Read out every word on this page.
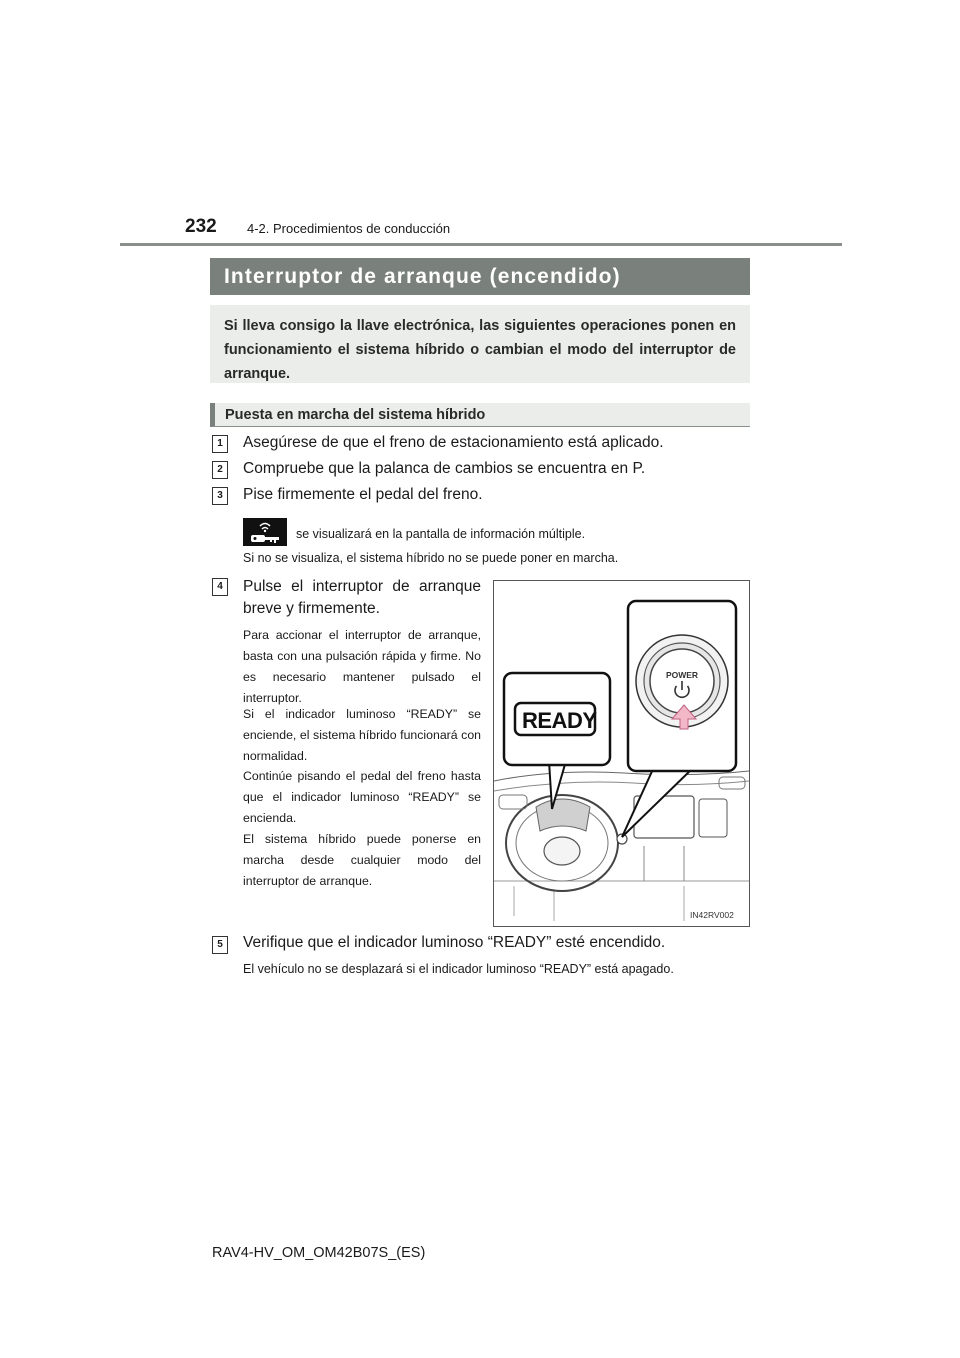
232 4-2. Procedimientos de conducción
Interruptor de arranque (encendido)
Si lleva consigo la llave electrónica, las siguientes operaciones ponen en funcionamiento el sistema híbrido o cambian el modo del interruptor de arranque.
Puesta en marcha del sistema híbrido
1	Asegúrese de que el freno de estacionamiento está aplicado.
2	Compruebe que la palanca de cambios se encuentra en P.
3	Pise firmemente el pedal del freno.
se visualizará en la pantalla de información múltiple.
Si no se visualiza, el sistema híbrido no se puede poner en marcha.
4	Pulse el interruptor de arranque breve y firmemente.
Para accionar el interruptor de arranque, basta con una pulsación rápida y firme. No es necesario mantener pulsado el interruptor.
Si el indicador luminoso “READY” se enciende, el sistema híbrido funcionará con normalidad.
Continúe pisando el pedal del freno hasta que el indicador luminoso “READY” se encienda.
El sistema híbrido puede ponerse en marcha desde cualquier modo del interruptor de arranque.
READY
POWER
IN42RV002
5	Verifique que el indicador luminoso “READY” esté encendido.
El vehículo no se desplazará si el indicador luminoso “READY” está apagado.
RAV4-HV_OM_OM42B07S_(ES)
